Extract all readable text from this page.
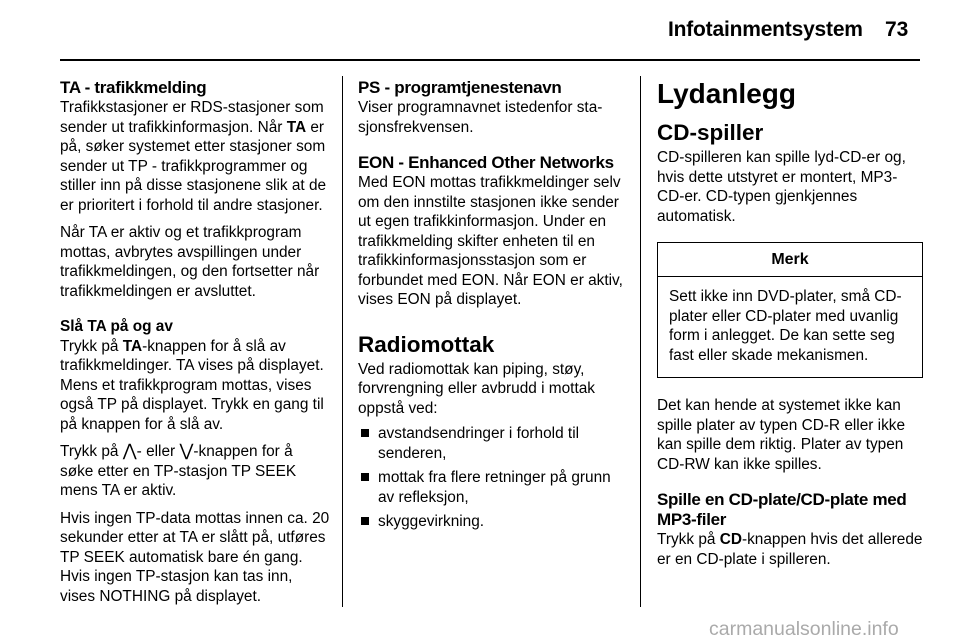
Infotainmentsystem 73
TA - trafikkmelding

Trafikkstasjoner er RDS-stasjoner som sender ut trafikkinformasjon. Når TA er på, søker systemet etter stasjoner som sender ut TP - trafikkprogrammer og stiller inn på disse stasjonene slik at de er prioritert i forhold til andre stasjoner.

Når TA er aktiv og et trafikkprogram mottas, avbrytes avspillingen under trafikkmeldingen, og den fortsetter når trafikkmeldingen er avsluttet.

Slå TA på og av

Trykk på TA-knappen for å slå av trafikkmeldinger. TA vises på displayet. Mens et trafikkprogram mottas, vises også TP på displayet. Trykk en gang til på knappen for å slå av.

Trykk på ⋀- eller ⋁-knappen for å søke etter en TP-stasjon TP SEEK mens TA er aktiv.

Hvis ingen TP-data mottas innen ca. 20 sekunder etter at TA er slått på, utføres TP SEEK automatisk bare én gang. Hvis ingen TP-stasjon kan tas inn, vises NOTHING på displayet.

PS - programtjenestenavn

Viser programnavnet istedenfor sta-
sjonsfrekvensen.

EON - Enhanced Other Networks

Med EON mottas trafikkmeldinger selv om den innstilte stasjonen ikke sender ut egen trafikkinformasjon. Under en trafikkmelding skifter enheten til en trafikkinformasjonsstasjon som er forbundet med EON. Når EON er aktiv, vises EON på displayet.

Radiomottak

Ved radiomottak kan piping, støy, forvrengning eller avbrudd i mottak oppstå ved:

avstandsendringer i forhold til senderen,
mottak fra flere retninger på grunn av refleksjon,
skyggevirkning.
Lydanlegg
CD-spiller

CD-spilleren kan spille lyd-CD-er og, hvis dette utstyret er montert, MP3-CD-er. CD-typen gjenkjennes automatisk.

Merk
Sett ikke inn DVD-plater, små CD-plater eller CD-plater med uvanlig form i anlegget. De kan sette seg fast eller skade mekanismen.

Det kan hende at systemet ikke kan spille plater av typen CD-R eller ikke kan spille dem riktig. Plater av typen CD-RW kan ikke spilles.

Spille en CD-plate/CD-plate med MP3-filer

Trykk på CD-knappen hvis det allerede er en CD-plate i spilleren.

carmanualsonline.info
